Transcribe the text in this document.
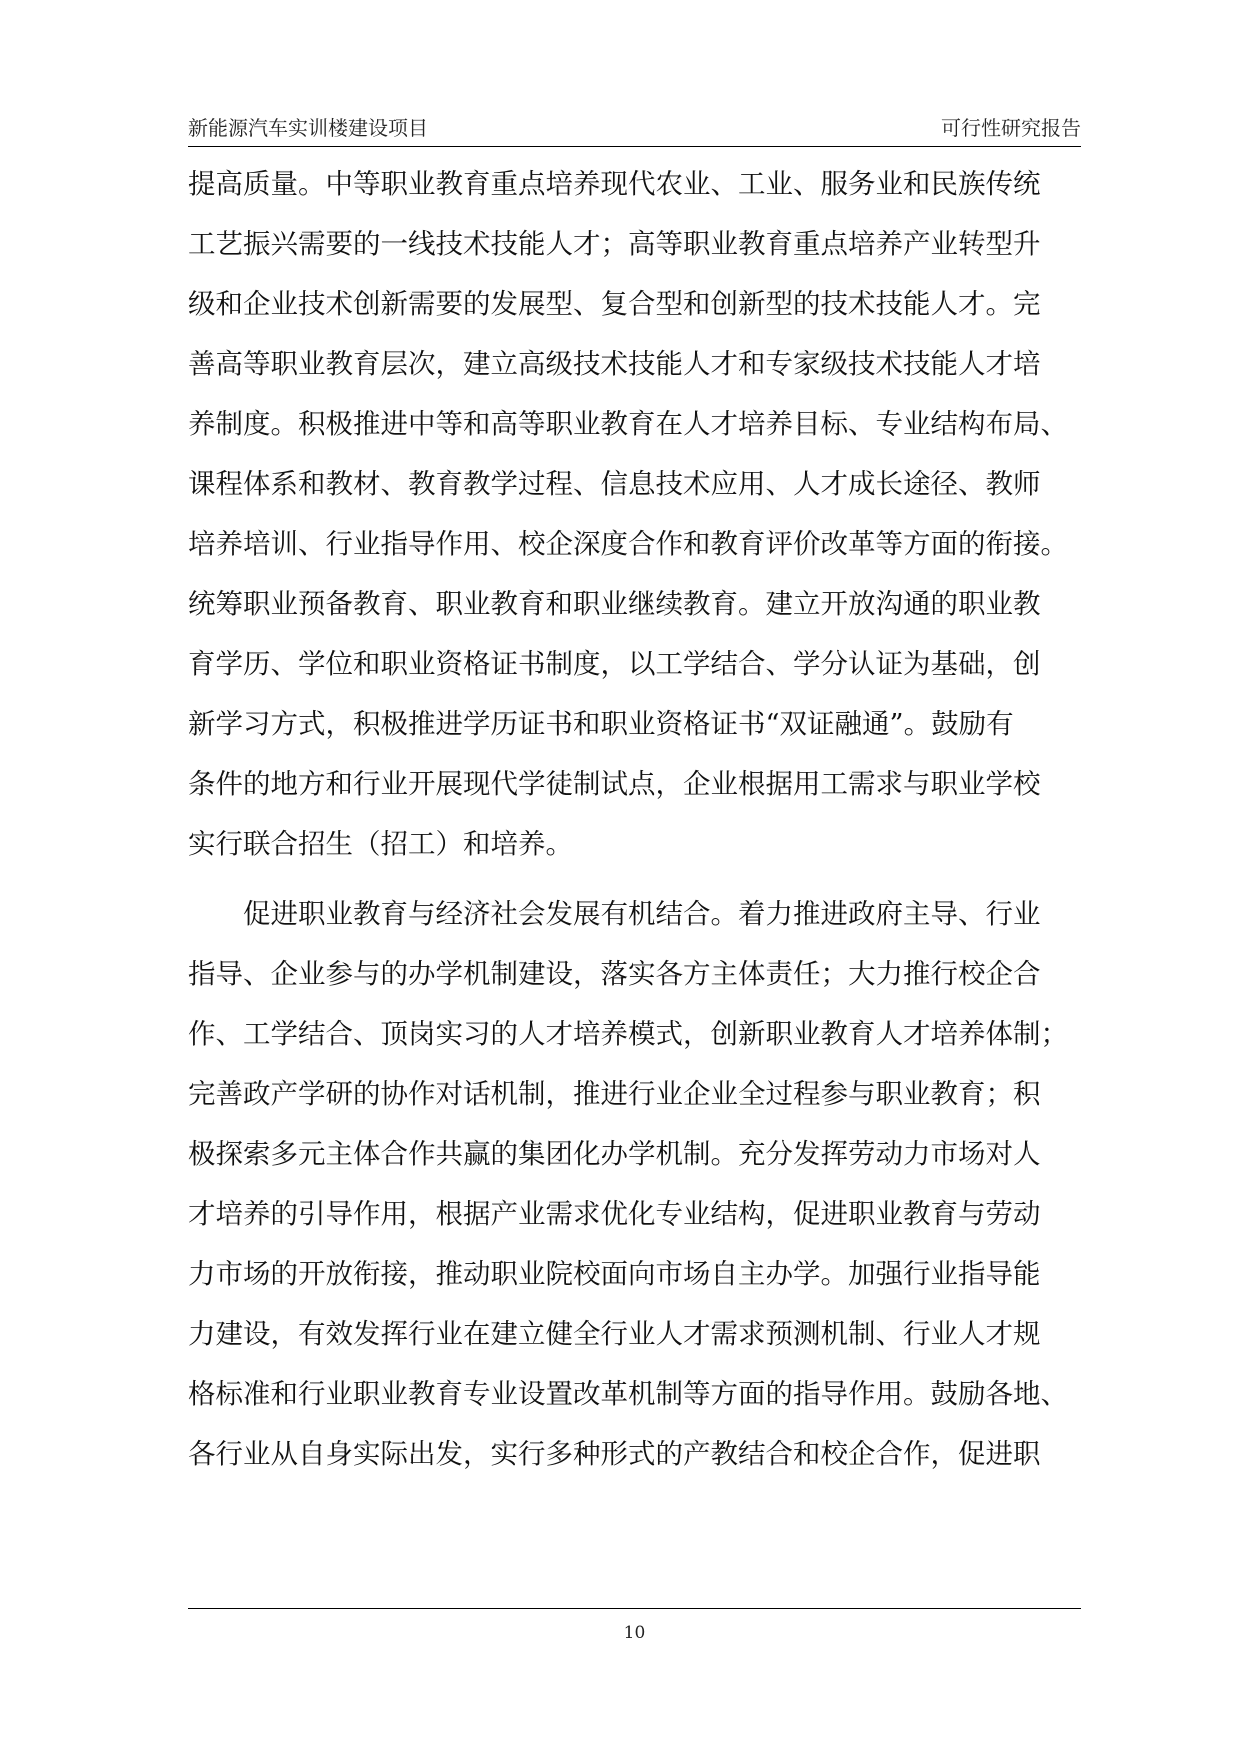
新能源汽车实训楼建设项目	可行性研究报告
提高质量。中等职业教育重点培养现代农业、工业、服务业和民族传统
工艺振兴需要的一线技术技能人才；高等职业教育重点培养产业转型升
级和企业技术创新需要的发展型、复合型和创新型的技术技能人才。完
善高等职业教育层次，建立高级技术技能人才和专家级技术技能人才培
养制度。积极推进中等和高等职业教育在人才培养目标、专业结构布局、
课程体系和教材、教育教学过程、信息技术应用、人才成长途径、教师
培养培训、行业指导作用、校企深度合作和教育评价改革等方面的衔接。
统筹职业预备教育、职业教育和职业继续教育。建立开放沟通的职业教
育学历、学位和职业资格证书制度，以工学结合、学分认证为基础，创
新学习方式，积极推进学历证书和职业资格证书“双证融通”。鼓励有
条件的地方和行业开展现代学徒制试点，企业根据用工需求与职业学校
实行联合招生（招工）和培养。
　　促进职业教育与经济社会发展有机结合。着力推进政府主导、行业
指导、企业参与的办学机制建设，落实各方主体责任；大力推行校企合
作、工学结合、顶岗实习的人才培养模式，创新职业教育人才培养体制；
完善政产学研的协作对话机制，推进行业企业全过程参与职业教育；积
极探索多元主体合作共赢的集团化办学机制。充分发挥劳动力市场对人
才培养的引导作用，根据产业需求优化专业结构，促进职业教育与劳动
力市场的开放衔接，推动职业院校面向市场自主办学。加强行业指导能
力建设，有效发挥行业在建立健全行业人才需求预测机制、行业人才规
格标准和行业职业教育专业设置改革机制等方面的指导作用。鼓励各地、
各行业从自身实际出发，实行多种形式的产教结合和校企合作，促进职
10
